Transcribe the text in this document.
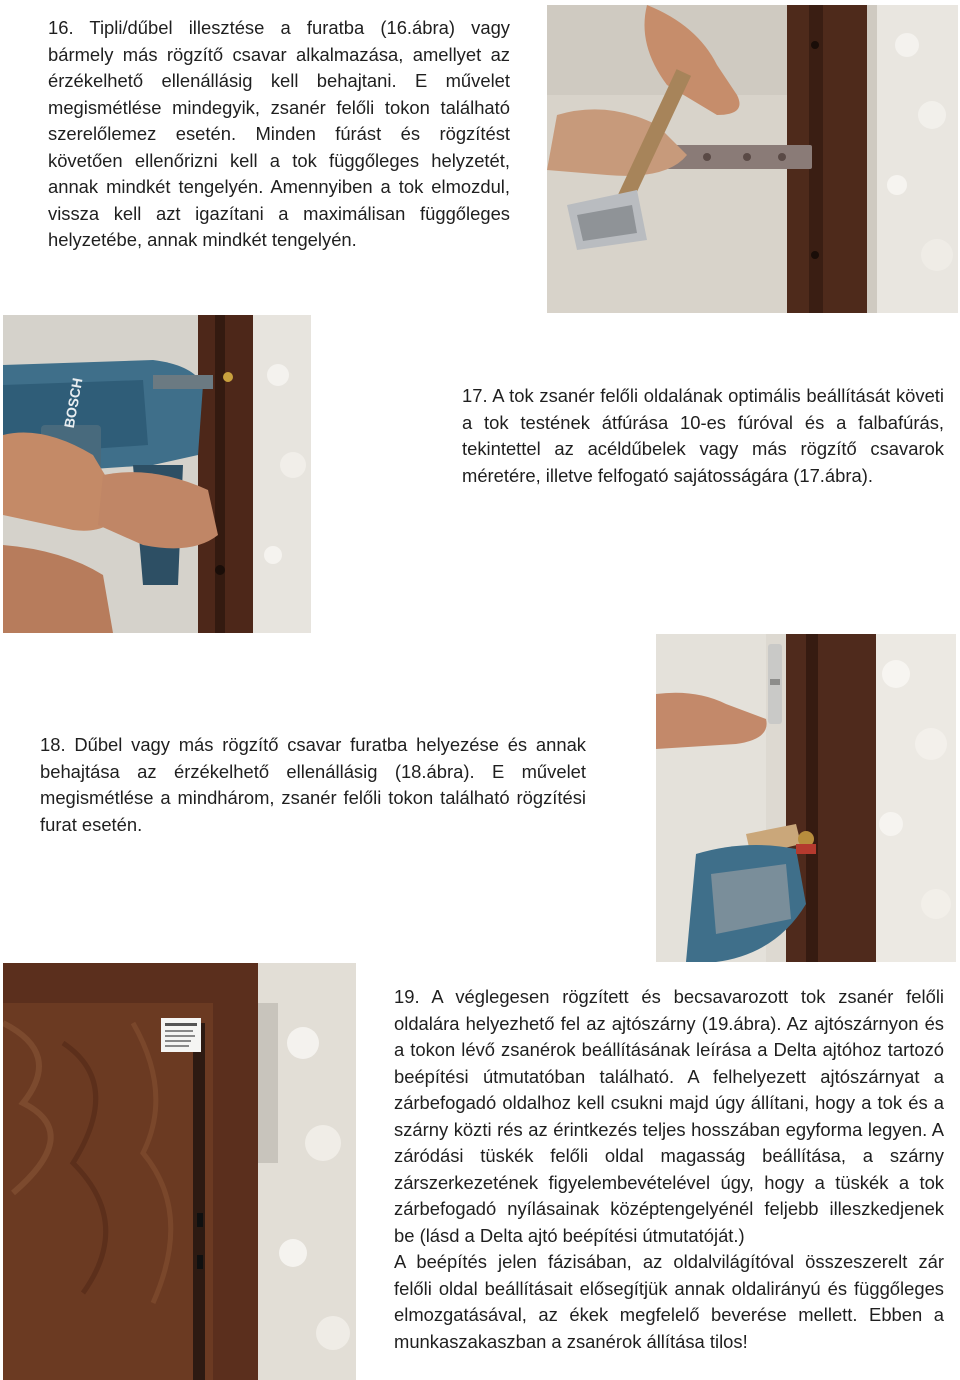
16. Tipli/dűbel illesztése a furatba (16.ábra) vagy bármely más rögzítő csavar alkalmazása, amellyet az érzékelhető ellenállásig kell behajtani. E művelet megismétlése mindegyik, zsanér felőli tokon található szerelőlemez esetén. Minden fúrást és rögzítést követően ellenőrizni kell a tok függőleges helyzetét, annak mindkét tengelyén. Amennyiben a tok elmozdul, vissza kell azt igazítani a maximálisan függőleges helyzetébe, annak mindkét tengelyén.

BOSCH	17. A tok zsanér felőli oldalának optimális beállítását követi a tok testének átfúrása 10-es fúróval és a falbafúrás, tekintettel az acéldűbelek vagy más rögzítő csavarok méretére, illetve felfogató sajátosságára (17.ábra).

18. Dűbel vagy más rögzítő csavar furatba helyezése és annak behajtása az érzékelhető ellenállásig (18.ábra). E művelet megismétlése a mindhárom, zsanér felőli tokon található rögzítési furat esetén.

19. A véglegesen rögzített és becsavarozott tok zsanér felőli oldalára helyezhető fel az ajtószárny (19.ábra). Az ajtószárnyon és a tokon lévő zsanérok beállításának leírása a Delta ajtóhoz tartozó beépítési útmutatóban található. A felhelyezett ajtószárnyat a zárbefogadó oldalhoz kell csukni majd úgy állítani, hogy a tok és a szárny közti rés az érintkezés teljes hosszában egyforma legyen. A záródási tüskék felőli oldal magasság beállítása, a szárny zárszerkezetének figyelembevételével úgy, hogy a tüskék a tok zárbefogadó nyílásainak középtengelyénél feljebb illeszkedjenek be (lásd a Delta ajtó beépítési útmutatóját.)

A beépítés jelen fázisában, az oldalvilágítóval összeszerelt zár felőli oldal beállításait elősegítjük annak oldalirányú és függőleges elmozgatásával, az ékek megfelelő beverése mellett. Ebben a munkaszakaszban a zsanérok állítása tilos!
